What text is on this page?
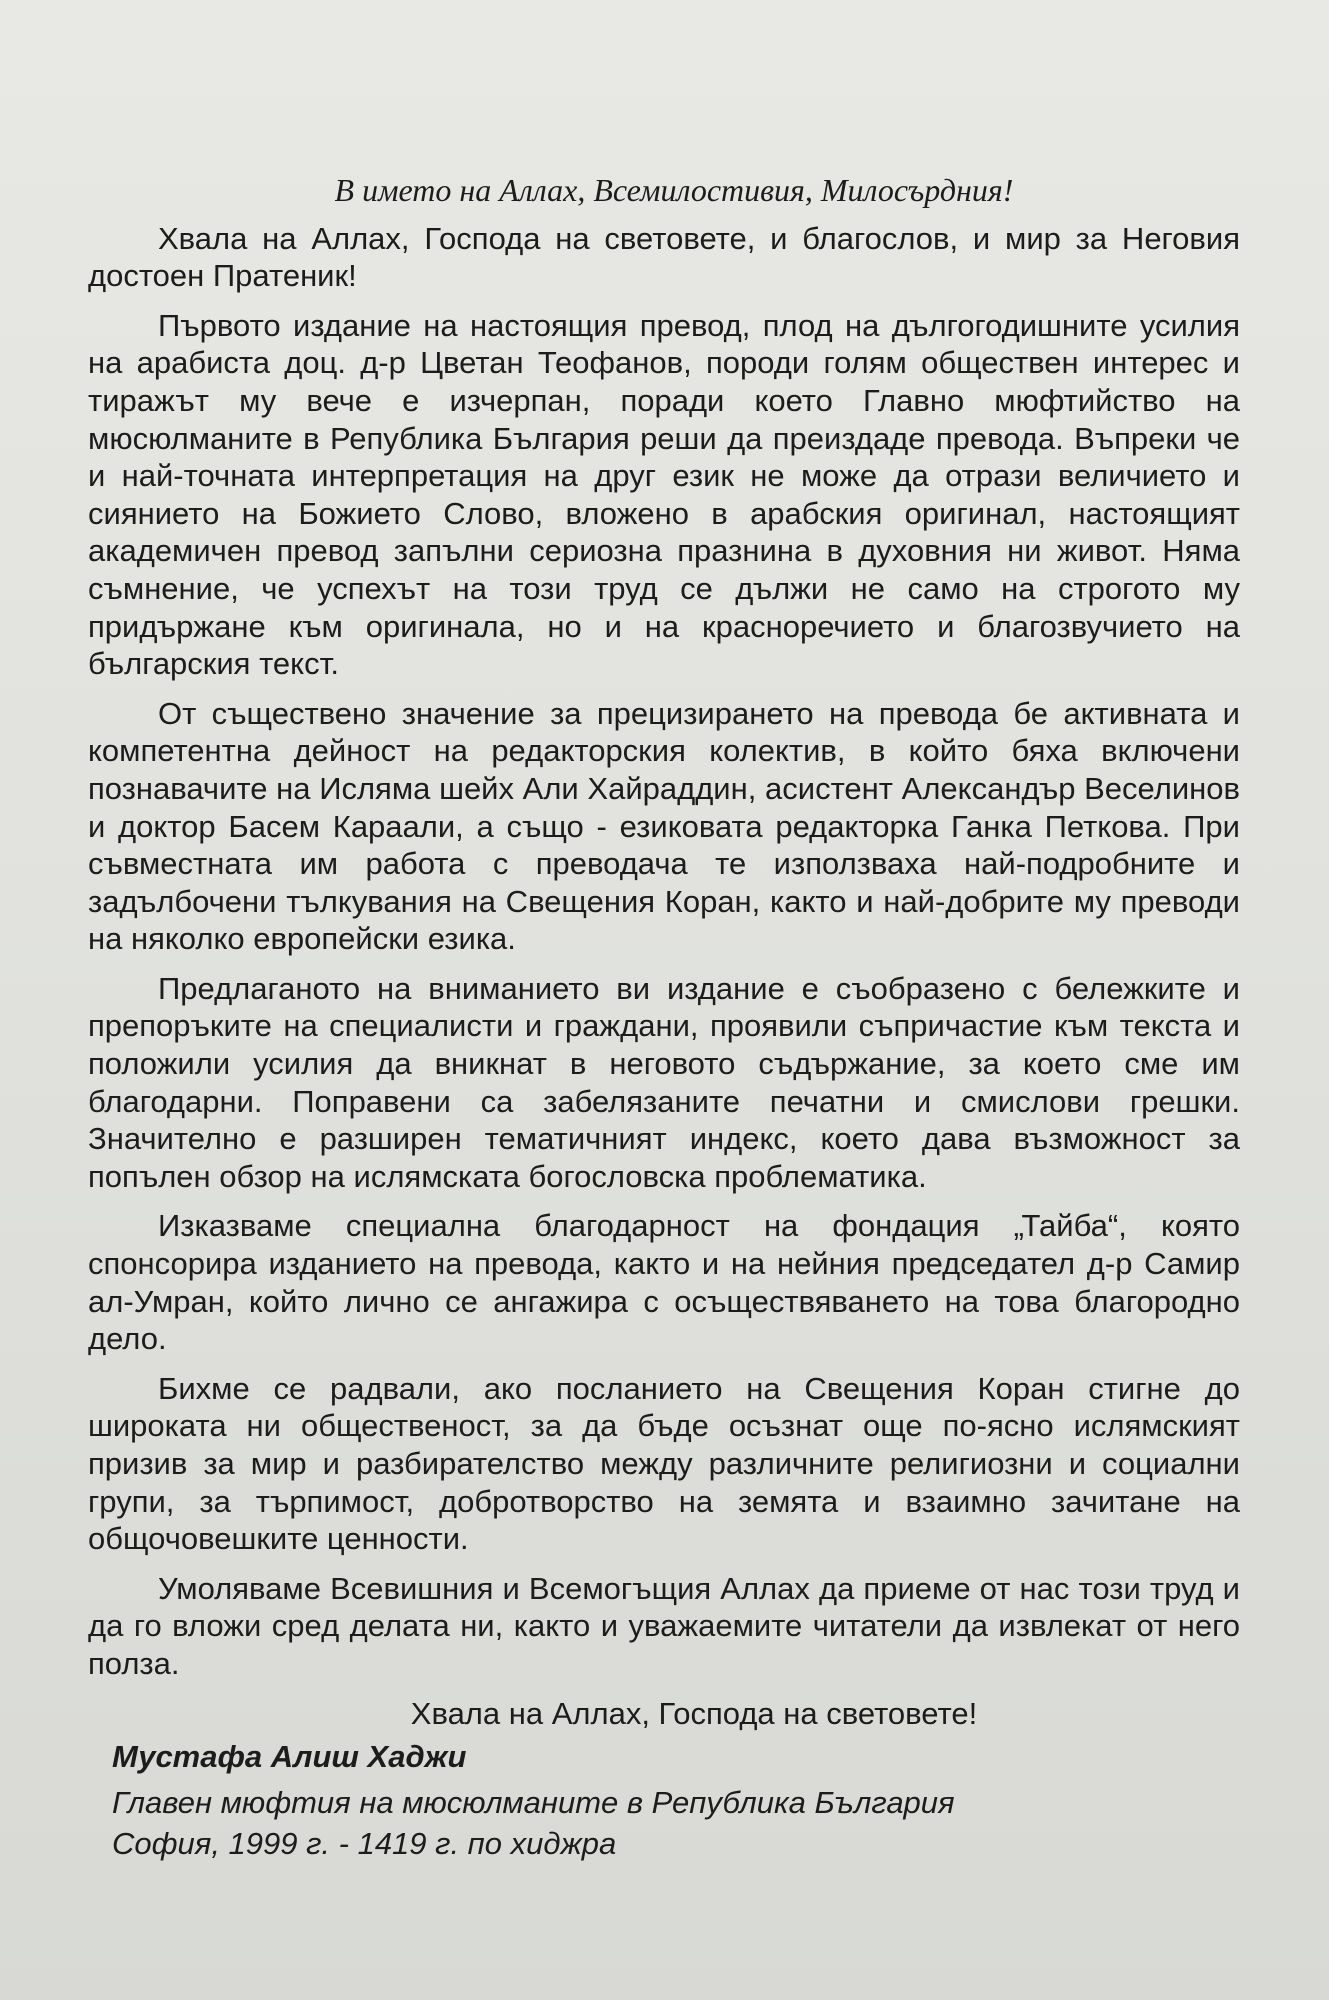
В името на Аллах, Всемилостивия, Милосърдния!

Хвала на Аллах, Господа на световете, и благослов, и мир за Неговия достоен Пратеник!

Първото издание на настоящия превод, плод на дългогодишните усилия на арабиста доц. д-р Цветан Теофанов, породи голям обществен интерес и тиражът му вече е изчерпан, поради което Главно мюфтийство на мюсюлманите в Република България реши да преиздаде превода. Въпреки че и най-точната интерпретация на друг език не може да отрази величието и сиянието на Божието Слово, вложено в арабския оригинал, настоящият академичен превод запълни сериозна празнина в духовния ни живот. Няма съмнение, че успехът на този труд се дължи не само на строгото му придържане към оригинала, но и на красноречието и благозвучието на българския текст.

От съществено значение за прецизирането на превода бе активната и компетентна дейност на редакторския колектив, в който бяха включени познавачите на Исляма шейх Али Хайраддин, асистент Александър Веселинов и доктор Басем Караали, а също - езиковата редакторка Ганка Петкова. При съвместната им работа с преводача те използваха най-подробните и задълбочени тълкувания на Свещения Коран, както и най-добрите му преводи на няколко европейски езика.

Предлаганото на вниманието ви издание е съобразено с бележките и препоръките на специалисти и граждани, проявили съпричастие към текста и положили усилия да вникнат в неговото съдържание, за което сме им благодарни. Поправени са забелязаните печатни и смислови грешки. Значително е разширен тематичният индекс, което дава възможност за попълен обзор на ислямската богословска проблематика.

Изказваме специална благодарност на фондация „Тайба“, която спонсорира изданието на превода, както и на нейния председател д-р Самир ал-Умран, който лично се ангажира с осъществяването на това благородно дело.

Бихме се радвали, ако посланието на Свещения Коран стигне до широката ни общественост, за да бъде осъзнат още по-ясно ислямският призив за мир и разбирателство между различните религиозни и социални групи, за търпимост, добротворство на земята и взаимно зачитане на общочовешките ценности.

Умоляваме Всевишния и Всемогъщия Аллах да приеме от нас този труд и да го вложи сред делата ни, както и уважаемите читатели да извлекат от него полза.

Хвала на Аллах, Господа на световете!

Мустафа Алиш Хаджи

Главен мюфтия на мюсюлманите в Република България

София, 1999 г. - 1419 г. по хиджра
